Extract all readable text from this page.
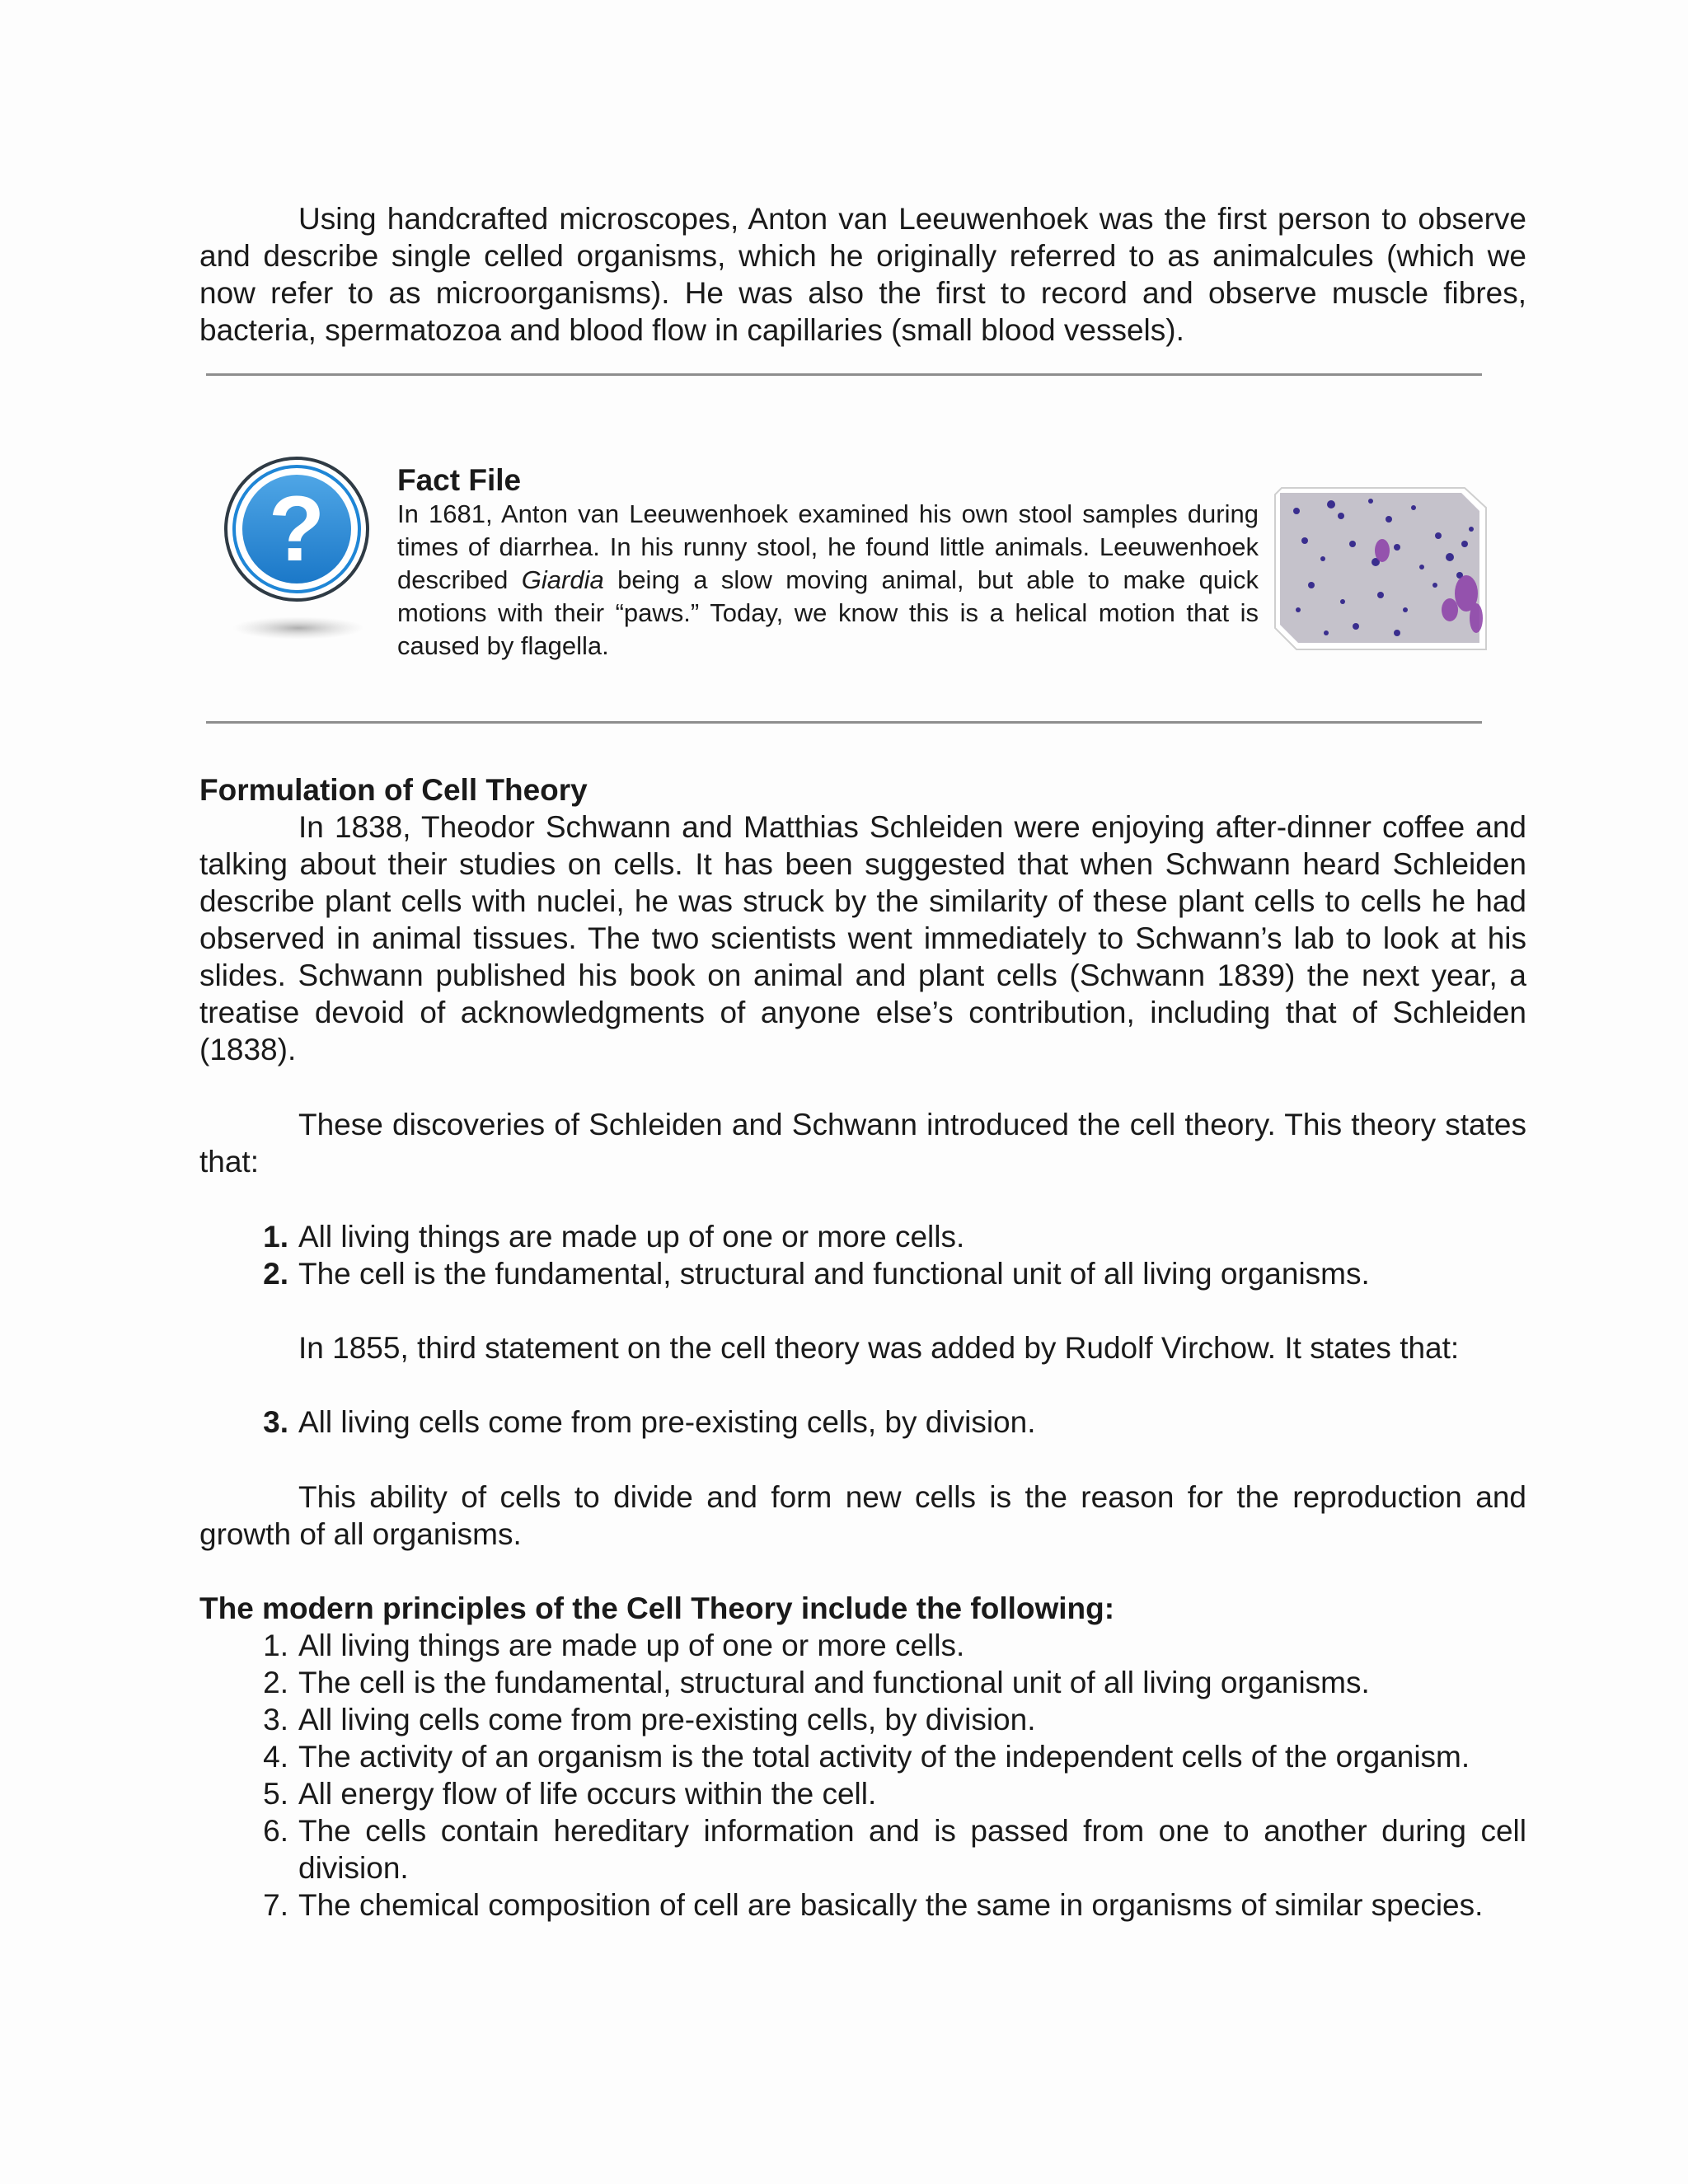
Using handcrafted microscopes, Anton van Leeuwenhoek was the first person to observe and describe single celled organisms, which he originally referred to as animalcules (which we now refer to as microorganisms). He was also the first to record and observe muscle fibres, bacteria, spermatozoa and blood flow in capillaries (small blood vessels).

? Fact File

In 1681, Anton van Leeuwenhoek examined his own stool samples during times of diarrhea. In his runny stool, he found little animals. Leeuwenhoek described Giardia being a slow moving animal, but able to make quick motions with their “paws.” Today, we know this is a helical motion that is caused by flagella.

Formulation of Cell Theory

In 1838, Theodor Schwann and Matthias Schleiden were enjoying after-dinner coffee and talking about their studies on cells. It has been suggested that when Schwann heard Schleiden describe plant cells with nuclei, he was struck by the similarity of these plant cells to cells he had observed in animal tissues. The two scientists went immediately to Schwann’s lab to look at his slides. Schwann published his book on animal and plant cells (Schwann 1839) the next year, a treatise devoid of acknowledgments of anyone else’s contribution, including that of Schleiden (1838).

These discoveries of Schleiden and Schwann introduced the cell theory. This theory states that:

1. All living things are made up of one or more cells.
2. The cell is the fundamental, structural and functional unit of all living organisms.

In 1855, third statement on the cell theory was added by Rudolf Virchow. It states that:

3. All living cells come from pre-existing cells, by division.

This ability of cells to divide and form new cells is the reason for the reproduction and growth of all organisms.

The modern principles of the Cell Theory include the following:

1. All living things are made up of one or more cells.
2. The cell is the fundamental, structural and functional unit of all living organisms.
3. All living cells come from pre-existing cells, by division.
4. The activity of an organism is the total activity of the independent cells of the organism.
5. All energy flow of life occurs within the cell.
6. The cells contain hereditary information and is passed from one to another during cell division.
7. The chemical composition of cell are basically the same in organisms of similar species.
